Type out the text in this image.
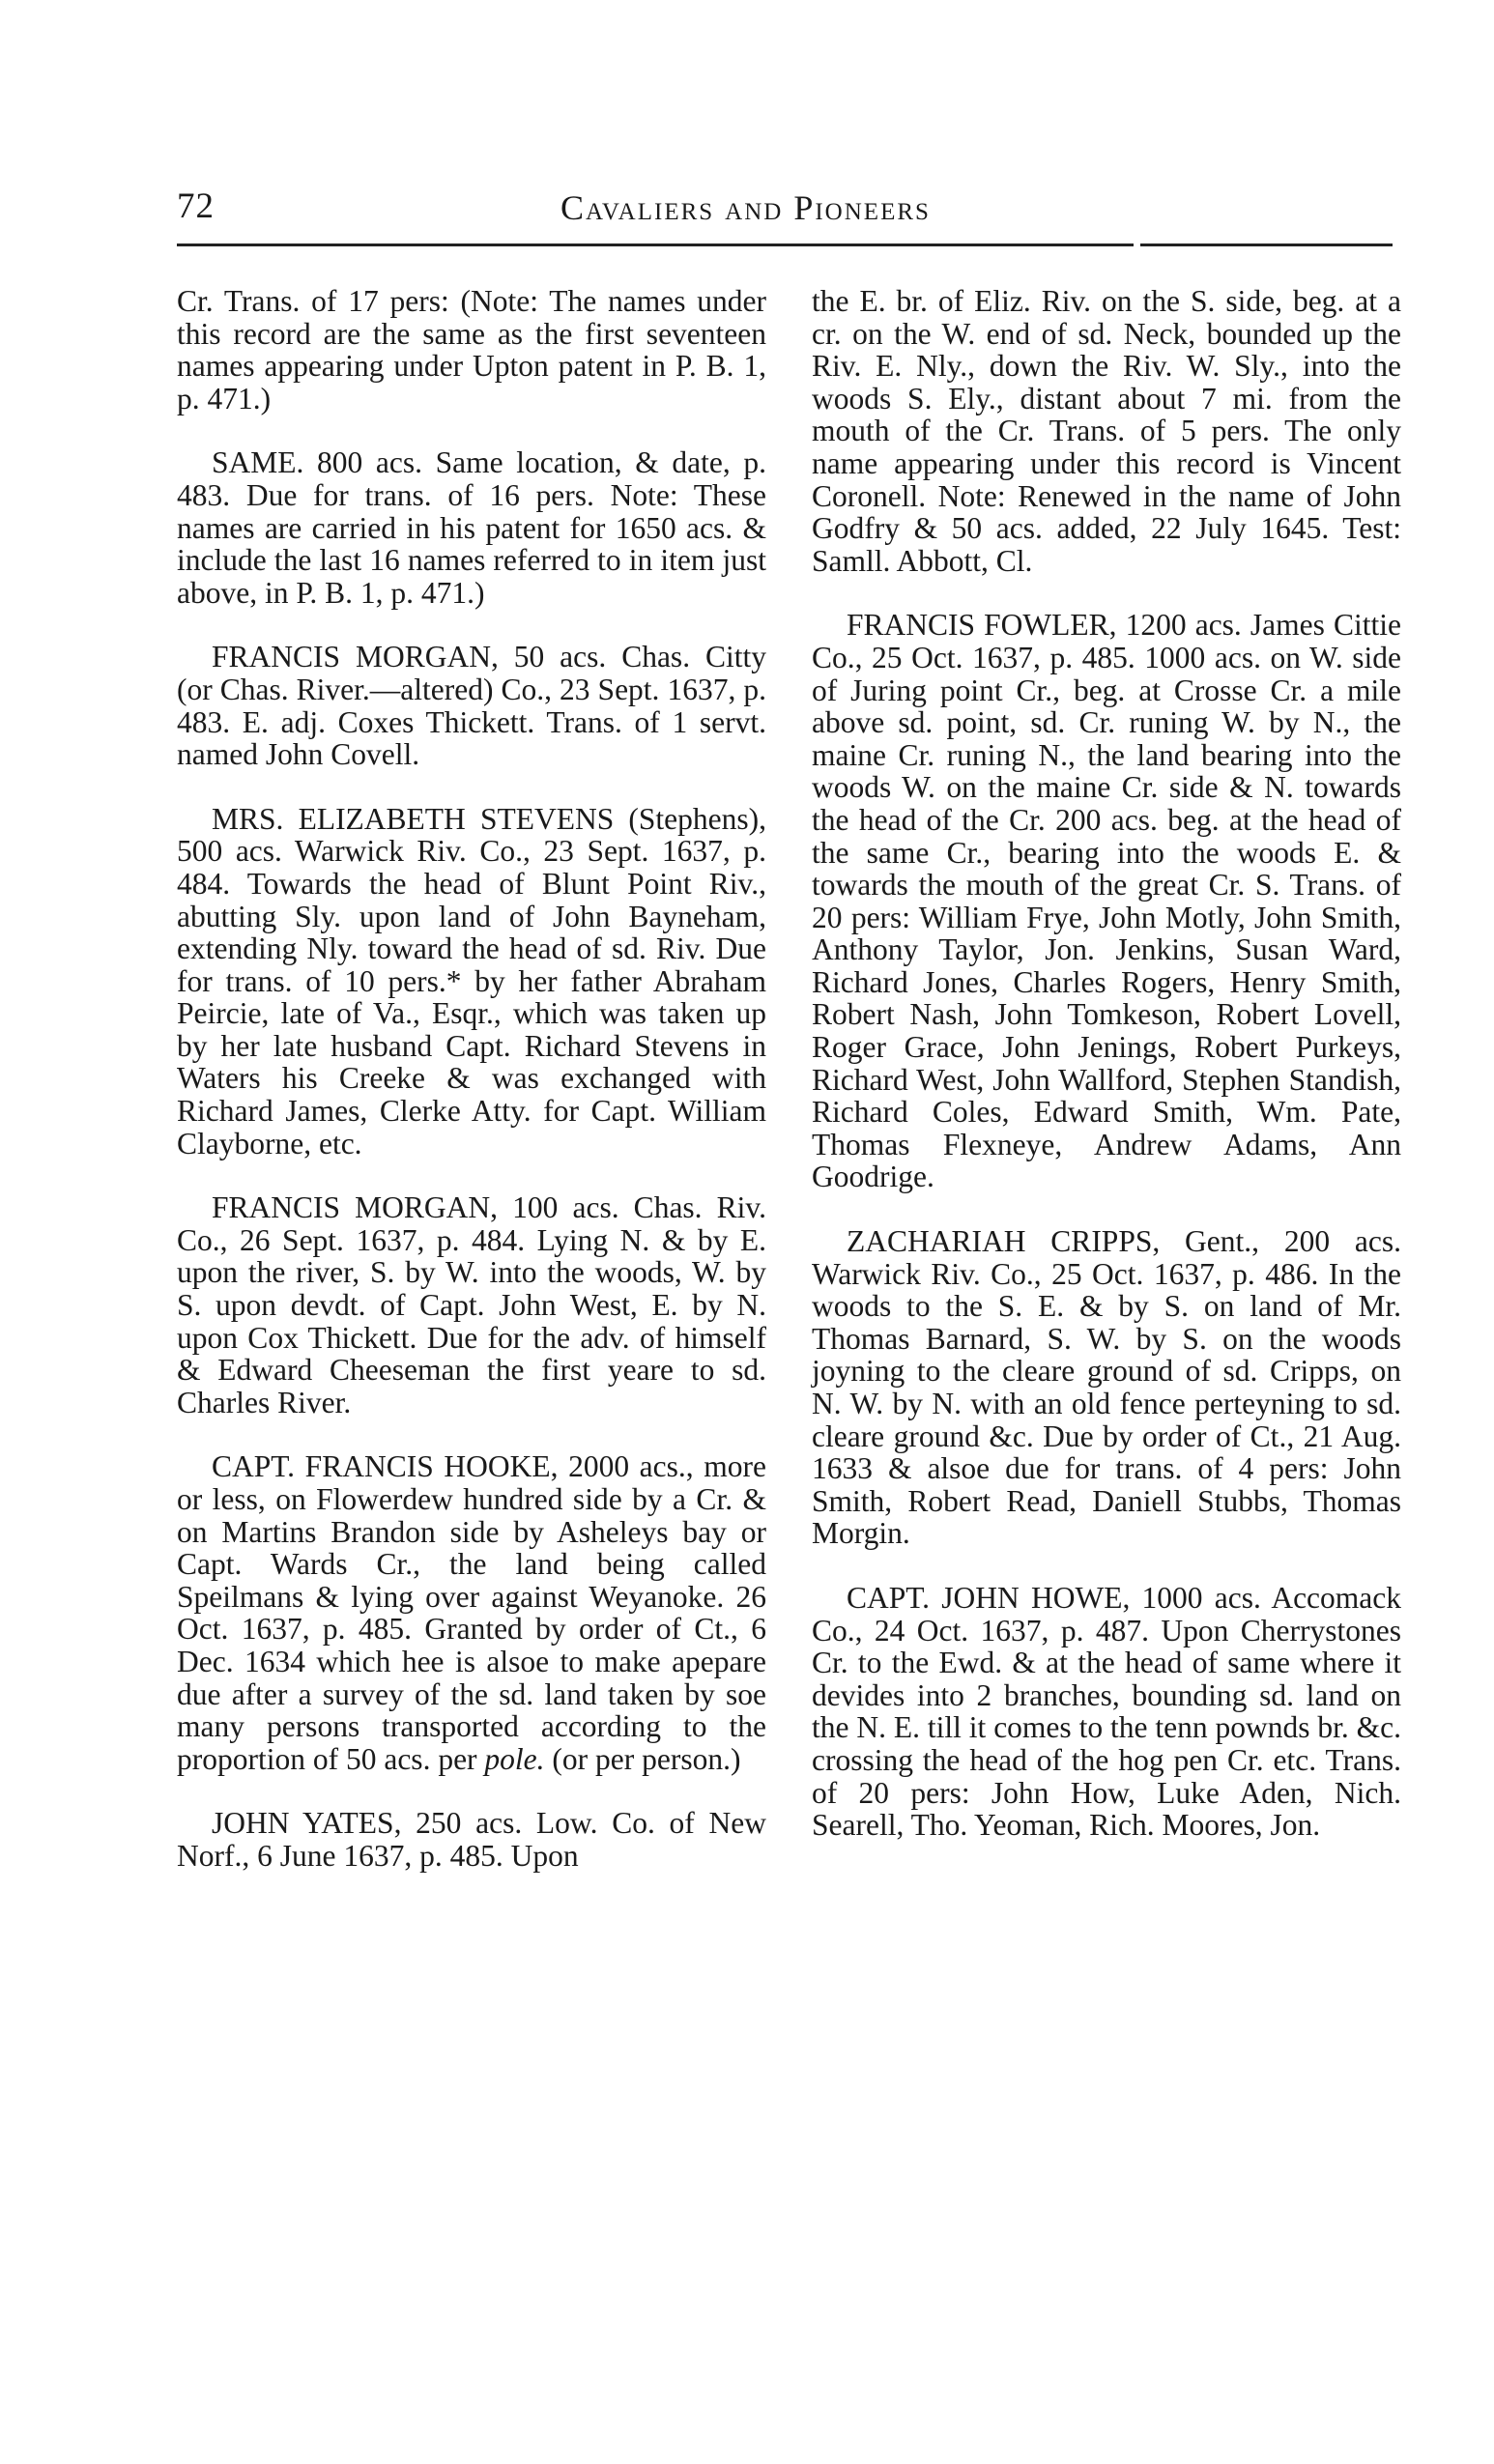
72	Cavaliers and Pioneers

Cr. Trans. of 17 pers: (Note: The names under this record are the same as the first seventeen names appearing under Upton patent in P. B. 1, p. 471.)

SAME. 800 acs. Same location, & date, p. 483. Due for trans. of 16 pers. Note: These names are carried in his patent for 1650 acs. & include the last 16 names referred to in item just above, in P. B. 1, p. 471.)

FRANCIS MORGAN, 50 acs. Chas. Citty (or Chas. River.—altered) Co., 23 Sept. 1637, p. 483. E. adj. Coxes Thickett. Trans. of 1 servt. named John Covell.

MRS. ELIZABETH STEVENS (Stephens), 500 acs. Warwick Riv. Co., 23 Sept. 1637, p. 484. Towards the head of Blunt Point Riv., abutting Sly. upon land of John Bayneham, extending Nly. toward the head of sd. Riv. Due for trans. of 10 pers.* by her father Abraham Peircie, late of Va., Esqr., which was taken up by her late husband Capt. Richard Stevens in Waters his Creeke & was exchanged with Richard James, Clerke Atty. for Capt. William Clayborne, etc.

FRANCIS MORGAN, 100 acs. Chas. Riv. Co., 26 Sept. 1637, p. 484. Lying N. & by E. upon the river, S. by W. into the woods, W. by S. upon devdt. of Capt. John West, E. by N. upon Cox Thickett. Due for the adv. of himself & Edward Cheeseman the first yeare to sd. Charles River.

CAPT. FRANCIS HOOKE, 2000 acs., more or less, on Flowerdew hundred side by a Cr. & on Martins Brandon side by Asheleys bay or Capt. Wards Cr., the land being called Speilmans & lying over against Weyanoke. 26 Oct. 1637, p. 485. Granted by order of Ct., 6 Dec. 1634 which hee is alsoe to make apepare due after a survey of the sd. land taken by soe many persons transported according to the proportion of 50 acs. per pole. (or per person.)

JOHN YATES, 250 acs. Low. Co. of New Norf., 6 June 1637, p. 485. Upon

the E. br. of Eliz. Riv. on the S. side, beg. at a cr. on the W. end of sd. Neck, bounded up the Riv. E. Nly., down the Riv. W. Sly., into the woods S. Ely., distant about 7 mi. from the mouth of the Cr. Trans. of 5 pers. The only name appearing under this record is Vincent Coronell. Note: Renewed in the name of John Godfry & 50 acs. added, 22 July 1645. Test: Samll. Abbott, Cl.

FRANCIS FOWLER, 1200 acs. James Cittie Co., 25 Oct. 1637, p. 485. 1000 acs. on W. side of Juring point Cr., beg. at Crosse Cr. a mile above sd. point, sd. Cr. runing W. by N., the maine Cr. runing N., the land bearing into the woods W. on the maine Cr. side & N. towards the head of the Cr. 200 acs. beg. at the head of the same Cr., bearing into the woods E. & towards the mouth of the great Cr. S. Trans. of 20 pers: William Frye, John Motly, John Smith, Anthony Taylor, Jon. Jenkins, Susan Ward, Richard Jones, Charles Rogers, Henry Smith, Robert Nash, John Tomkeson, Robert Lovell, Roger Grace, John Jenings, Robert Purkeys, Richard West, John Wallford, Stephen Standish, Richard Coles, Edward Smith, Wm. Pate, Thomas Flexneye, Andrew Adams, Ann Goodrige.

ZACHARIAH CRIPPS, Gent., 200 acs. Warwick Riv. Co., 25 Oct. 1637, p. 486. In the woods to the S. E. & by S. on land of Mr. Thomas Barnard, S. W. by S. on the woods joyning to the cleare ground of sd. Cripps, on N. W. by N. with an old fence perteyning to sd. cleare ground &c. Due by order of Ct., 21 Aug. 1633 & alsoe due for trans. of 4 pers: John Smith, Robert Read, Daniell Stubbs, Thomas Morgin.

CAPT. JOHN HOWE, 1000 acs. Accomack Co., 24 Oct. 1637, p. 487. Upon Cherrystones Cr. to the Ewd. & at the head of same where it devides into 2 branches, bounding sd. land on the N. E. till it comes to the tenn pownds br. &c. crossing the head of the hog pen Cr. etc. Trans. of 20 pers: John How, Luke Aden, Nich. Searell, Tho. Yeoman, Rich. Moores, Jon.
